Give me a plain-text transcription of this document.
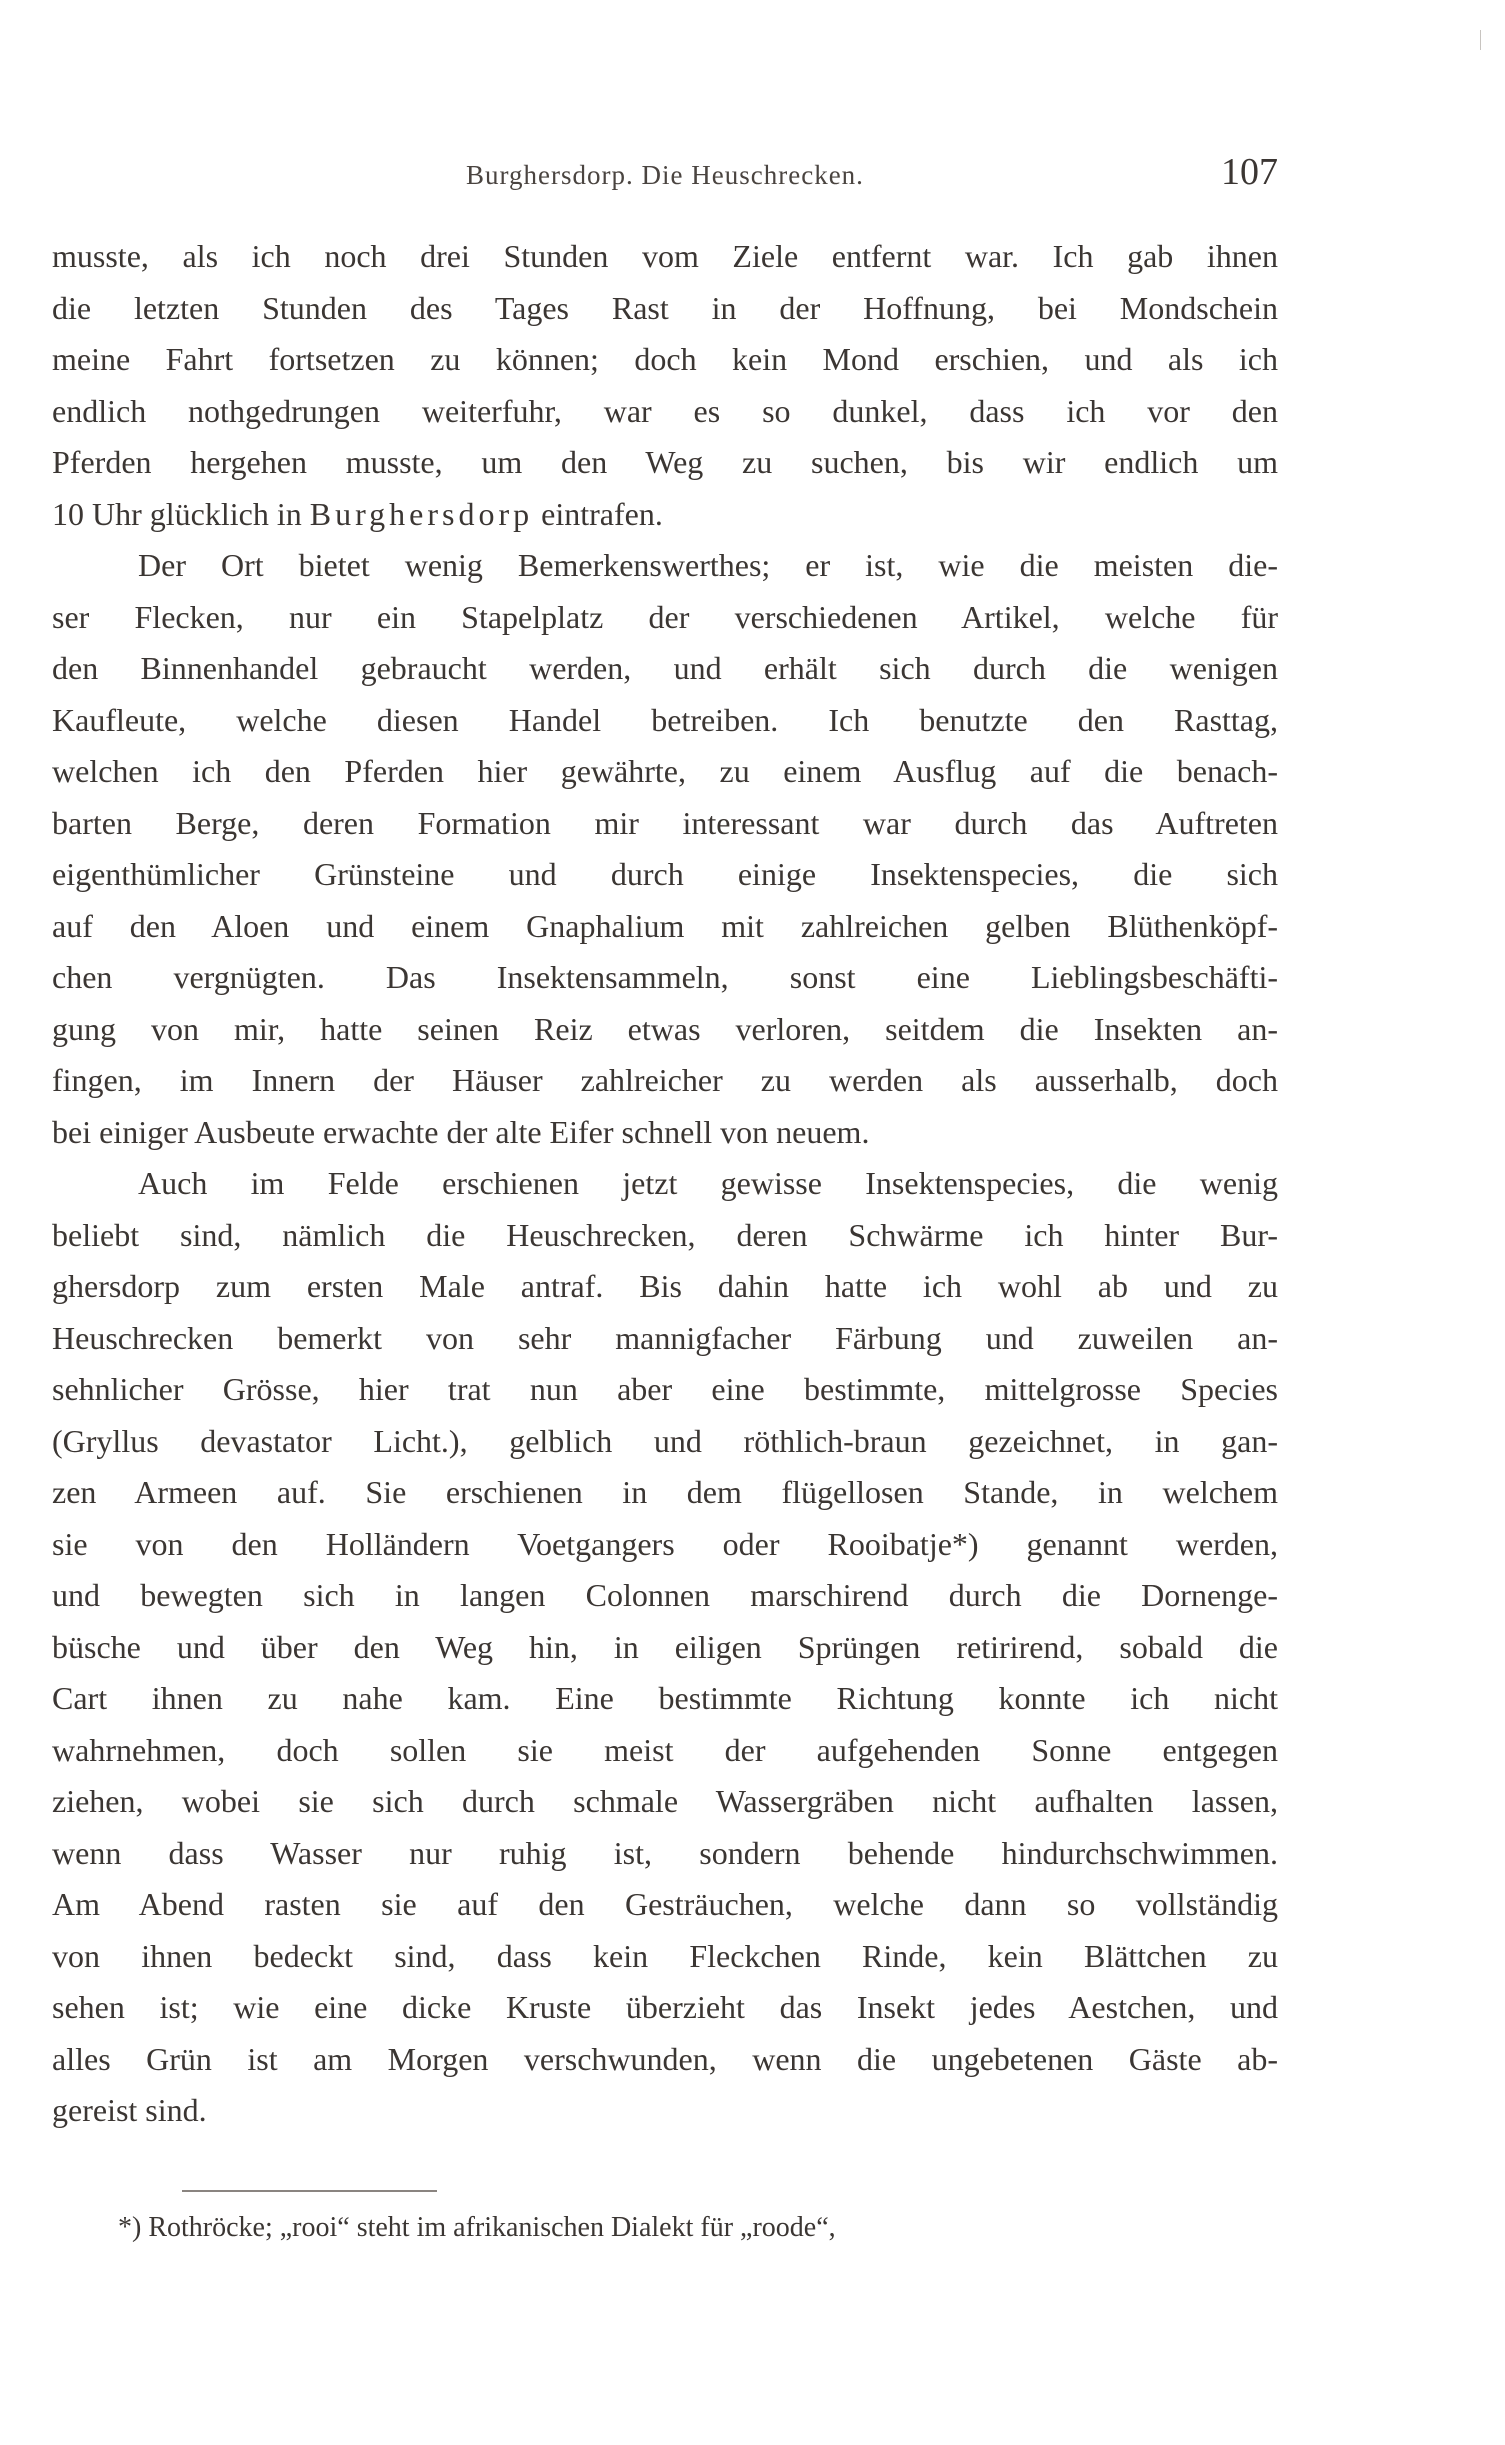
Burghersdorp. Die Heuschrecken.	107
musste, als ich noch drei Stunden vom Ziele entfernt war. Ich gab ihnen
die letzten Stunden des Tages Rast in der Hoffnung, bei Mondschein
meine Fahrt fortsetzen zu können; doch kein Mond erschien, und als ich
endlich nothgedrungen weiterfuhr, war es so dunkel, dass ich vor den
Pferden hergehen musste, um den Weg zu suchen, bis wir endlich um
10 Uhr glücklich in Burghersdorp eintrafen.
Der Ort bietet wenig Bemerkenswerthes; er ist, wie die meisten die-
ser Flecken, nur ein Stapelplatz der verschiedenen Artikel, welche für
den Binnenhandel gebraucht werden, und erhält sich durch die wenigen
Kaufleute, welche diesen Handel betreiben. Ich benutzte den Rasttag,
welchen ich den Pferden hier gewährte, zu einem Ausflug auf die benach-
barten Berge, deren Formation mir interessant war durch das Auftreten
eigenthümlicher Grünsteine und durch einige Insektenspecies, die sich
auf den Aloen und einem Gnaphalium mit zahlreichen gelben Blüthenköpf-
chen vergnügten. Das Insektensammeln, sonst eine Lieblingsbeschäfti-
gung von mir, hatte seinen Reiz etwas verloren, seitdem die Insekten an-
fingen, im Innern der Häuser zahlreicher zu werden als ausserhalb, doch
bei einiger Ausbeute erwachte der alte Eifer schnell von neuem.
Auch im Felde erschienen jetzt gewisse Insektenspecies, die wenig
beliebt sind, nämlich die Heuschrecken, deren Schwärme ich hinter Bur-
ghersdorp zum ersten Male antraf. Bis dahin hatte ich wohl ab und zu
Heuschrecken bemerkt von sehr mannigfacher Färbung und zuweilen an-
sehnlicher Grösse, hier trat nun aber eine bestimmte, mittelgrosse Species
(Gryllus devastator Licht.), gelblich und röthlich-braun gezeichnet, in gan-
zen Armeen auf. Sie erschienen in dem flügellosen Stande, in welchem
sie von den Holländern Voetgangers oder Rooibatje*) genannt werden,
und bewegten sich in langen Colonnen marschirend durch die Dornenge-
büsche und über den Weg hin, in eiligen Sprüngen retirirend, sobald die
Cart ihnen zu nahe kam. Eine bestimmte Richtung konnte ich nicht
wahrnehmen, doch sollen sie meist der aufgehenden Sonne entgegen
ziehen, wobei sie sich durch schmale Wassergräben nicht aufhalten lassen,
wenn dass Wasser nur ruhig ist, sondern behende hindurchschwimmen.
Am Abend rasten sie auf den Gesträuchen, welche dann so vollständig
von ihnen bedeckt sind, dass kein Fleckchen Rinde, kein Blättchen zu
sehen ist; wie eine dicke Kruste überzieht das Insekt jedes Aestchen, und
alles Grün ist am Morgen verschwunden, wenn die ungebetenen Gäste ab-
gereist sind.
*) Rothröcke; „rooi“ steht im afrikanischen Dialekt für „roode“,
